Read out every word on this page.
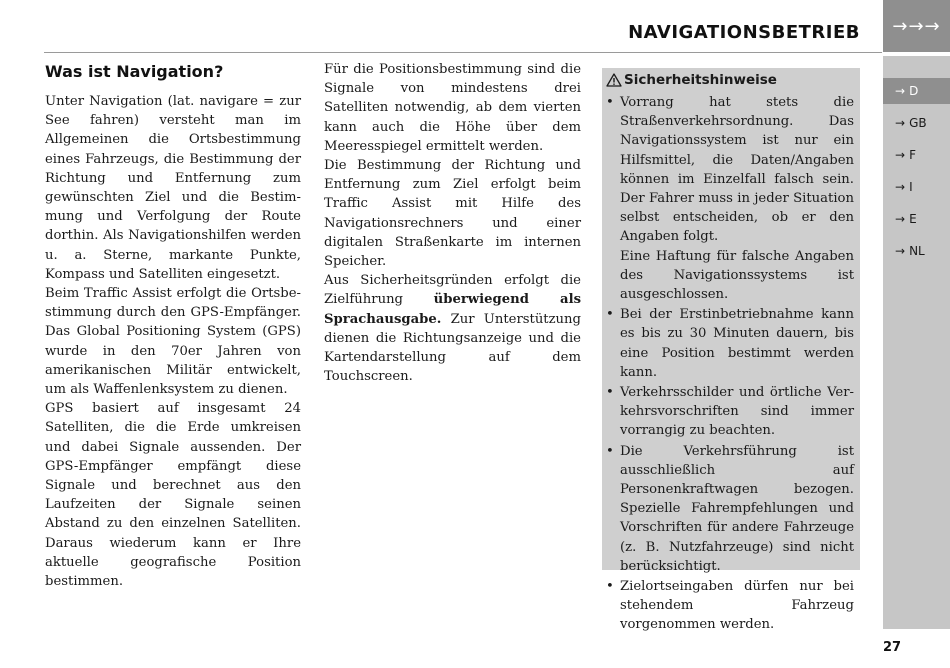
NAVIGATIONSBETRIEB	→→→
→ D
→ GB
→ F
→ I
→ E
→ NL
Was ist Navigation?

Unter Navigation (lat. navigare = zur See fahren) versteht man im Allgemeinen die Ortsbestimmung eines Fahrzeugs, die Bestimmung der Richtung und Entfernung zum gewünschten Ziel und die Bestimmung und Verfolgung der Route dorthin. Als Navigationshilfen werden u. a. Sterne, markante Punkte, Kompass und Satelliten eingesetzt.

Beim Traffic Assist erfolgt die Ortsbestimmung durch den GPS-Empfänger. Das Global Positioning System (GPS) wurde in den 70er Jahren von amerikanischen Militär entwickelt, um als Waffenlenksystem zu dienen.

GPS basiert auf insgesamt 24 Satelliten, die die Erde umkreisen und dabei Signale aussenden. Der GPS-Empfänger empfängt diese Signale und berechnet aus den Laufzeiten der Signale seinen Abstand zu den einzelnen Satelliten. Daraus wiederum kann er Ihre aktuelle geografische Position bestimmen.

Für die Positionsbestimmung sind die Signale von mindestens drei Satelliten notwendig, ab dem vierten kann auch die Höhe über dem Meeresspiegel ermittelt werden.

Die Bestimmung der Richtung und Entfernung zum Ziel erfolgt beim Traffic Assist mit Hilfe des Navigationsrechners und einer digitalen Straßenkarte im internen Speicher.

Aus Sicherheitsgründen erfolgt die Zielführung überwiegend als Sprachausgabe. Zur Unterstützung dienen die Richtungsanzeige und die Kartendarstellung auf dem Touchscreen.

Sicherheitshinweise
• Vorrang hat stets die Straßenverkehrsordnung. Das Navigationssystem ist nur ein Hilfsmittel, die Daten/Angaben können im Einzelfall falsch sein. Der Fahrer muss in jeder Situation selbst entscheiden, ob er den Angaben folgt.
Eine Haftung für falsche Angaben des Navigationssystems ist ausgeschlossen.
• Bei der Erstinbetriebnahme kann es bis zu 30 Minuten dauern, bis eine Position bestimmt werden kann.
• Verkehrsschilder und örtliche Verkehrsvorschriften sind immer vorrangig zu beachten.
• Die Verkehrsführung ist ausschließlich auf Personenkraftwagen bezogen. Spezielle Fahrempfehlungen und Vorschriften für andere Fahrzeuge (z. B. Nutzfahrzeuge) sind nicht berücksichtigt.
• Zielortseingaben dürfen nur bei stehendem Fahrzeug vorgenommen werden.
27
